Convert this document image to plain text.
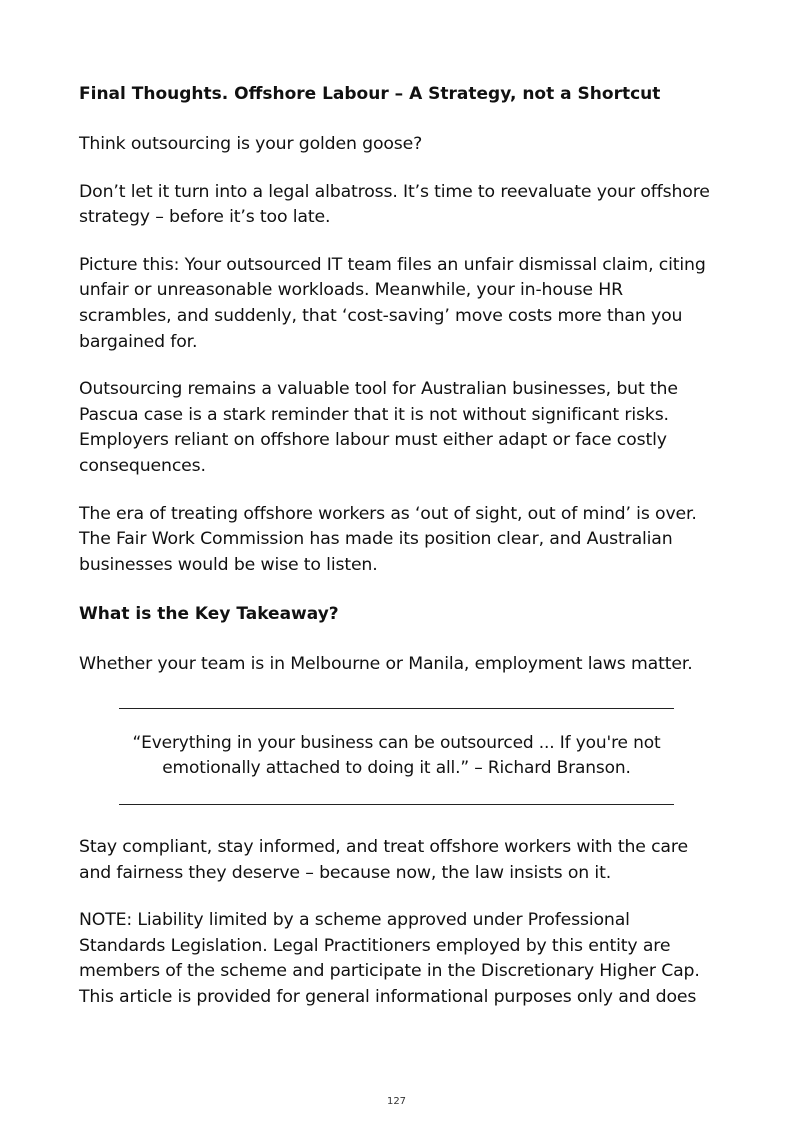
Final Thoughts. Offshore Labour – A Strategy, not a Shortcut

Think outsourcing is your golden goose?

Don’t let it turn into a legal albatross. It’s time to reevaluate your offshore strategy – before it’s too late.

Picture this: Your outsourced IT team files an unfair dismissal claim, citing unfair or unreasonable workloads. Meanwhile, your in-house HR scrambles, and suddenly, that ‘cost-saving’ move costs more than you bargained for.

Outsourcing remains a valuable tool for Australian businesses, but the Pascua case is a stark reminder that it is not without significant risks. Employers reliant on offshore labour must either adapt or face costly consequences.

The era of treating offshore workers as ‘out of sight, out of mind’ is over. The Fair Work Commission has made its position clear, and Australian businesses would be wise to listen.

What is the Key Takeaway?

Whether your team is in Melbourne or Manila, employment laws matter.

“Everything in your business can be outsourced ... If you're not emotionally attached to doing it all.” – Richard Branson.

Stay compliant, stay informed, and treat offshore workers with the care and fairness they deserve – because now, the law insists on it.

NOTE: Liability limited by a scheme approved under Professional Standards Legislation. Legal Practitioners employed by this entity are members of the scheme and participate in the Discretionary Higher Cap. This article is provided for general informational purposes only and does

127
